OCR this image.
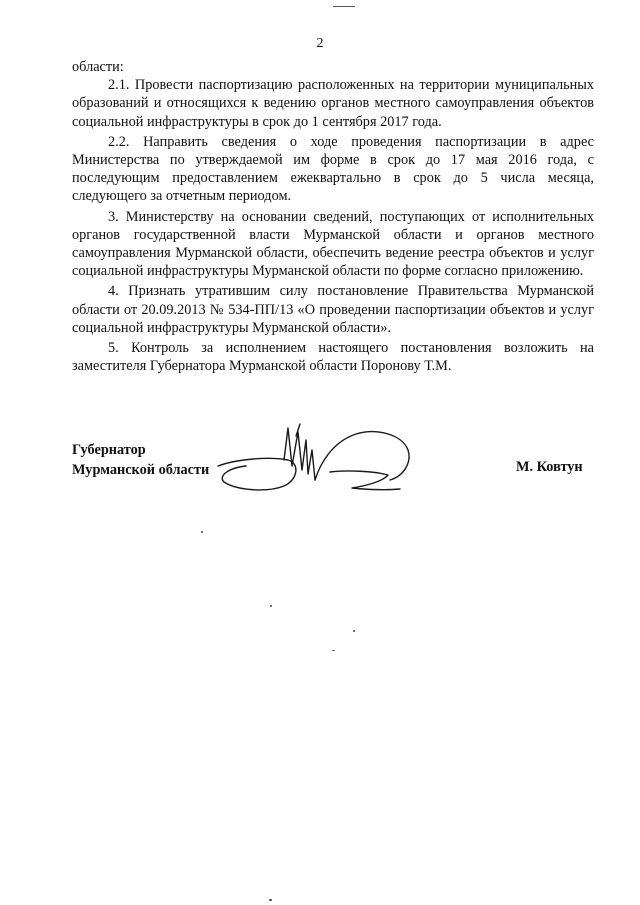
2

области:

2.1. Провести паспортизацию расположенных на территории муниципальных образований и относящихся к ведению органов местного самоуправления объектов социальной инфраструктуры в срок до 1 сентября 2017 года.

2.2. Направить сведения о ходе проведения паспортизации в адрес Министерства по утверждаемой им форме в срок до 17 мая 2016 года, с последующим предоставлением ежеквартально в срок до 5 числа месяца, следующего за отчетным периодом.

3. Министерству на основании сведений, поступающих от исполнительных органов государственной власти Мурманской области и органов местного самоуправления Мурманской области, обеспечить ведение реестра объектов и услуг социальной инфраструктуры Мурманской области по форме согласно приложению.

4. Признать утратившим силу постановление Правительства Мурманской области от 20.09.2013 № 534-ПП/13 «О проведении паспортизации объектов и услуг социальной инфраструктуры Мурманской области».

5. Контроль за исполнением настоящего постановления возложить на заместителя Губернатора Мурманской области Поронову Т.М.

Губернатор
Мурманской области	М. Ковтун
